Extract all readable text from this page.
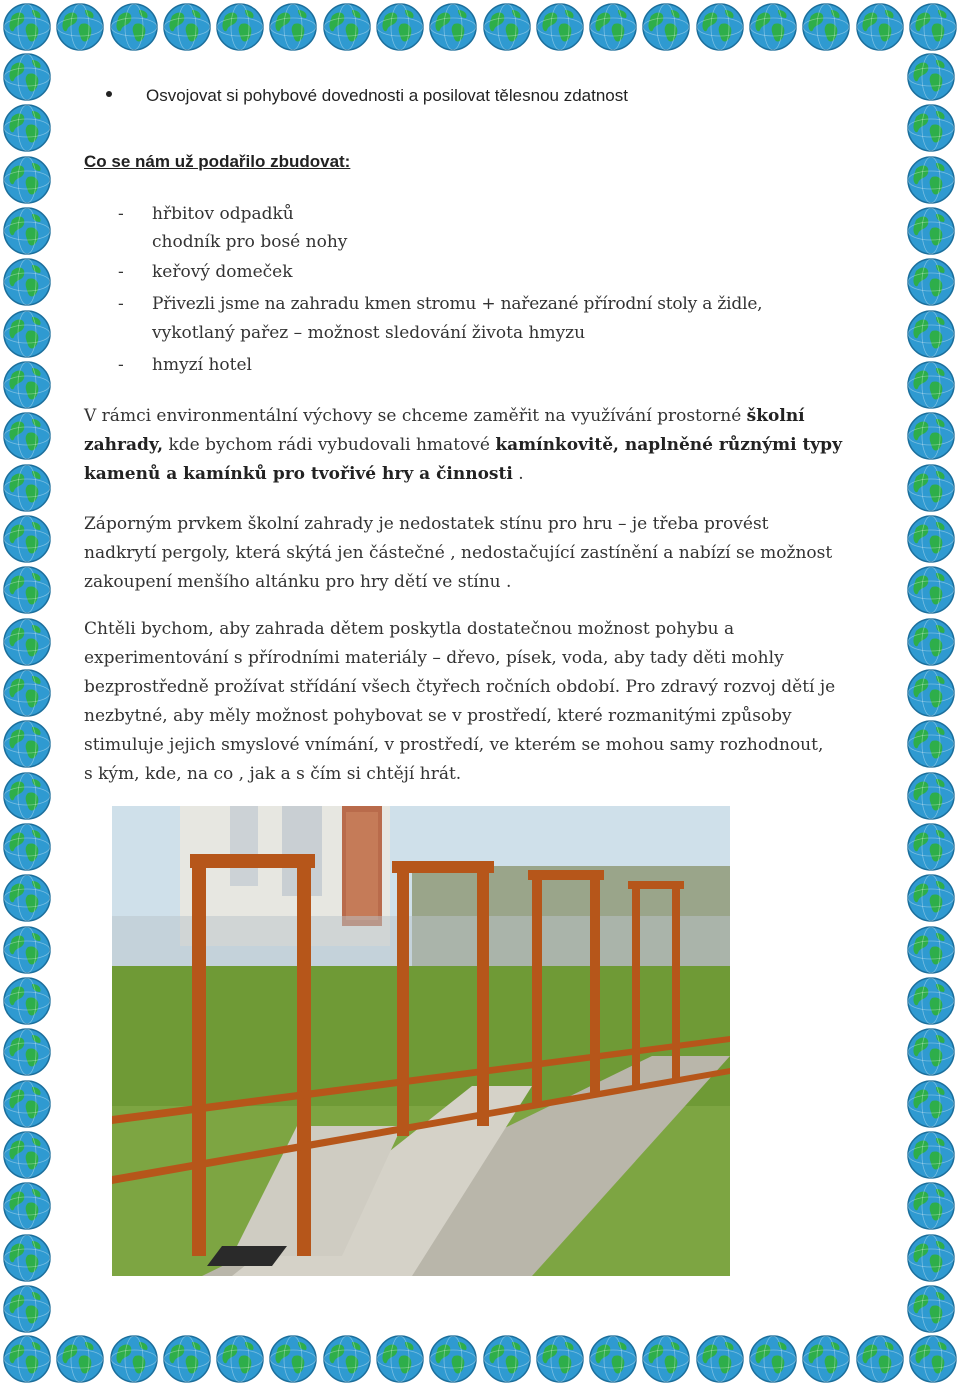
Osvojovat si pohybové dovednosti a posilovat tělesnou zdatnost
Co se nám už podařilo zbudovat:
- hřbitov odpadků
chodník pro bosé nohy
- keřový domeček
- Přivezli jsme na zahradu kmen stromu + nařezané přírodní stoly a židle,
vykotlaný pařez – možnost sledování života hmyzu
- hmyzí hotel
V rámci environmentální výchovy se chceme zaměřit na využívání prostorné školní
zahrady, kde bychom rádi vybudovali hmatové kamínkovitě, naplněné různými typy
kamenů a kamínků pro tvořivé hry a činnosti .
Záporným prvkem školní zahrady je nedostatek stínu pro hru – je třeba provést
nadkrytí pergoly, která skýtá jen částečné , nedostačující zastínění a nabízí se možnost
zakoupení menšího altánku pro hry dětí ve stínu .
Chtěli bychom, aby zahrada dětem poskytla dostatečnou možnost pohybu a
experimentování s přírodními materiály – dřevo, písek, voda, aby tady děti mohly
bezprostředně prožívat střídání všech čtyřech ročních období. Pro zdravý rozvoj dětí je
nezbytné, aby měly možnost pohybovat se v prostředí, které rozmanitými způsoby
stimuluje jejich smyslové vnímání, v prostředí, ve kterém se mohou samy rozhodnout,
s kým, kde, na co , jak a s čím si chtějí hrát.
